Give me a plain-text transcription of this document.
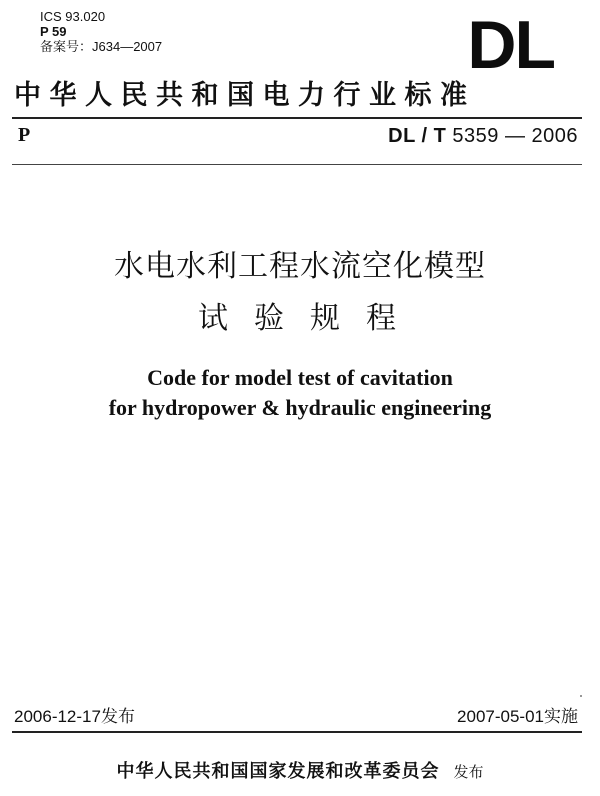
ICS 93.020
P 59
备案号：J634—2007	DL
中华人民共和国电力行业标准
P	DL / T 5359 — 2006
水电水利工程水流空化模型
试验规程
Code for model test of cavitation
for hydropower & hydraulic engineering
2006-12-17发布	2007-05-01实施
中华人民共和国国家发展和改革委员会 发布
